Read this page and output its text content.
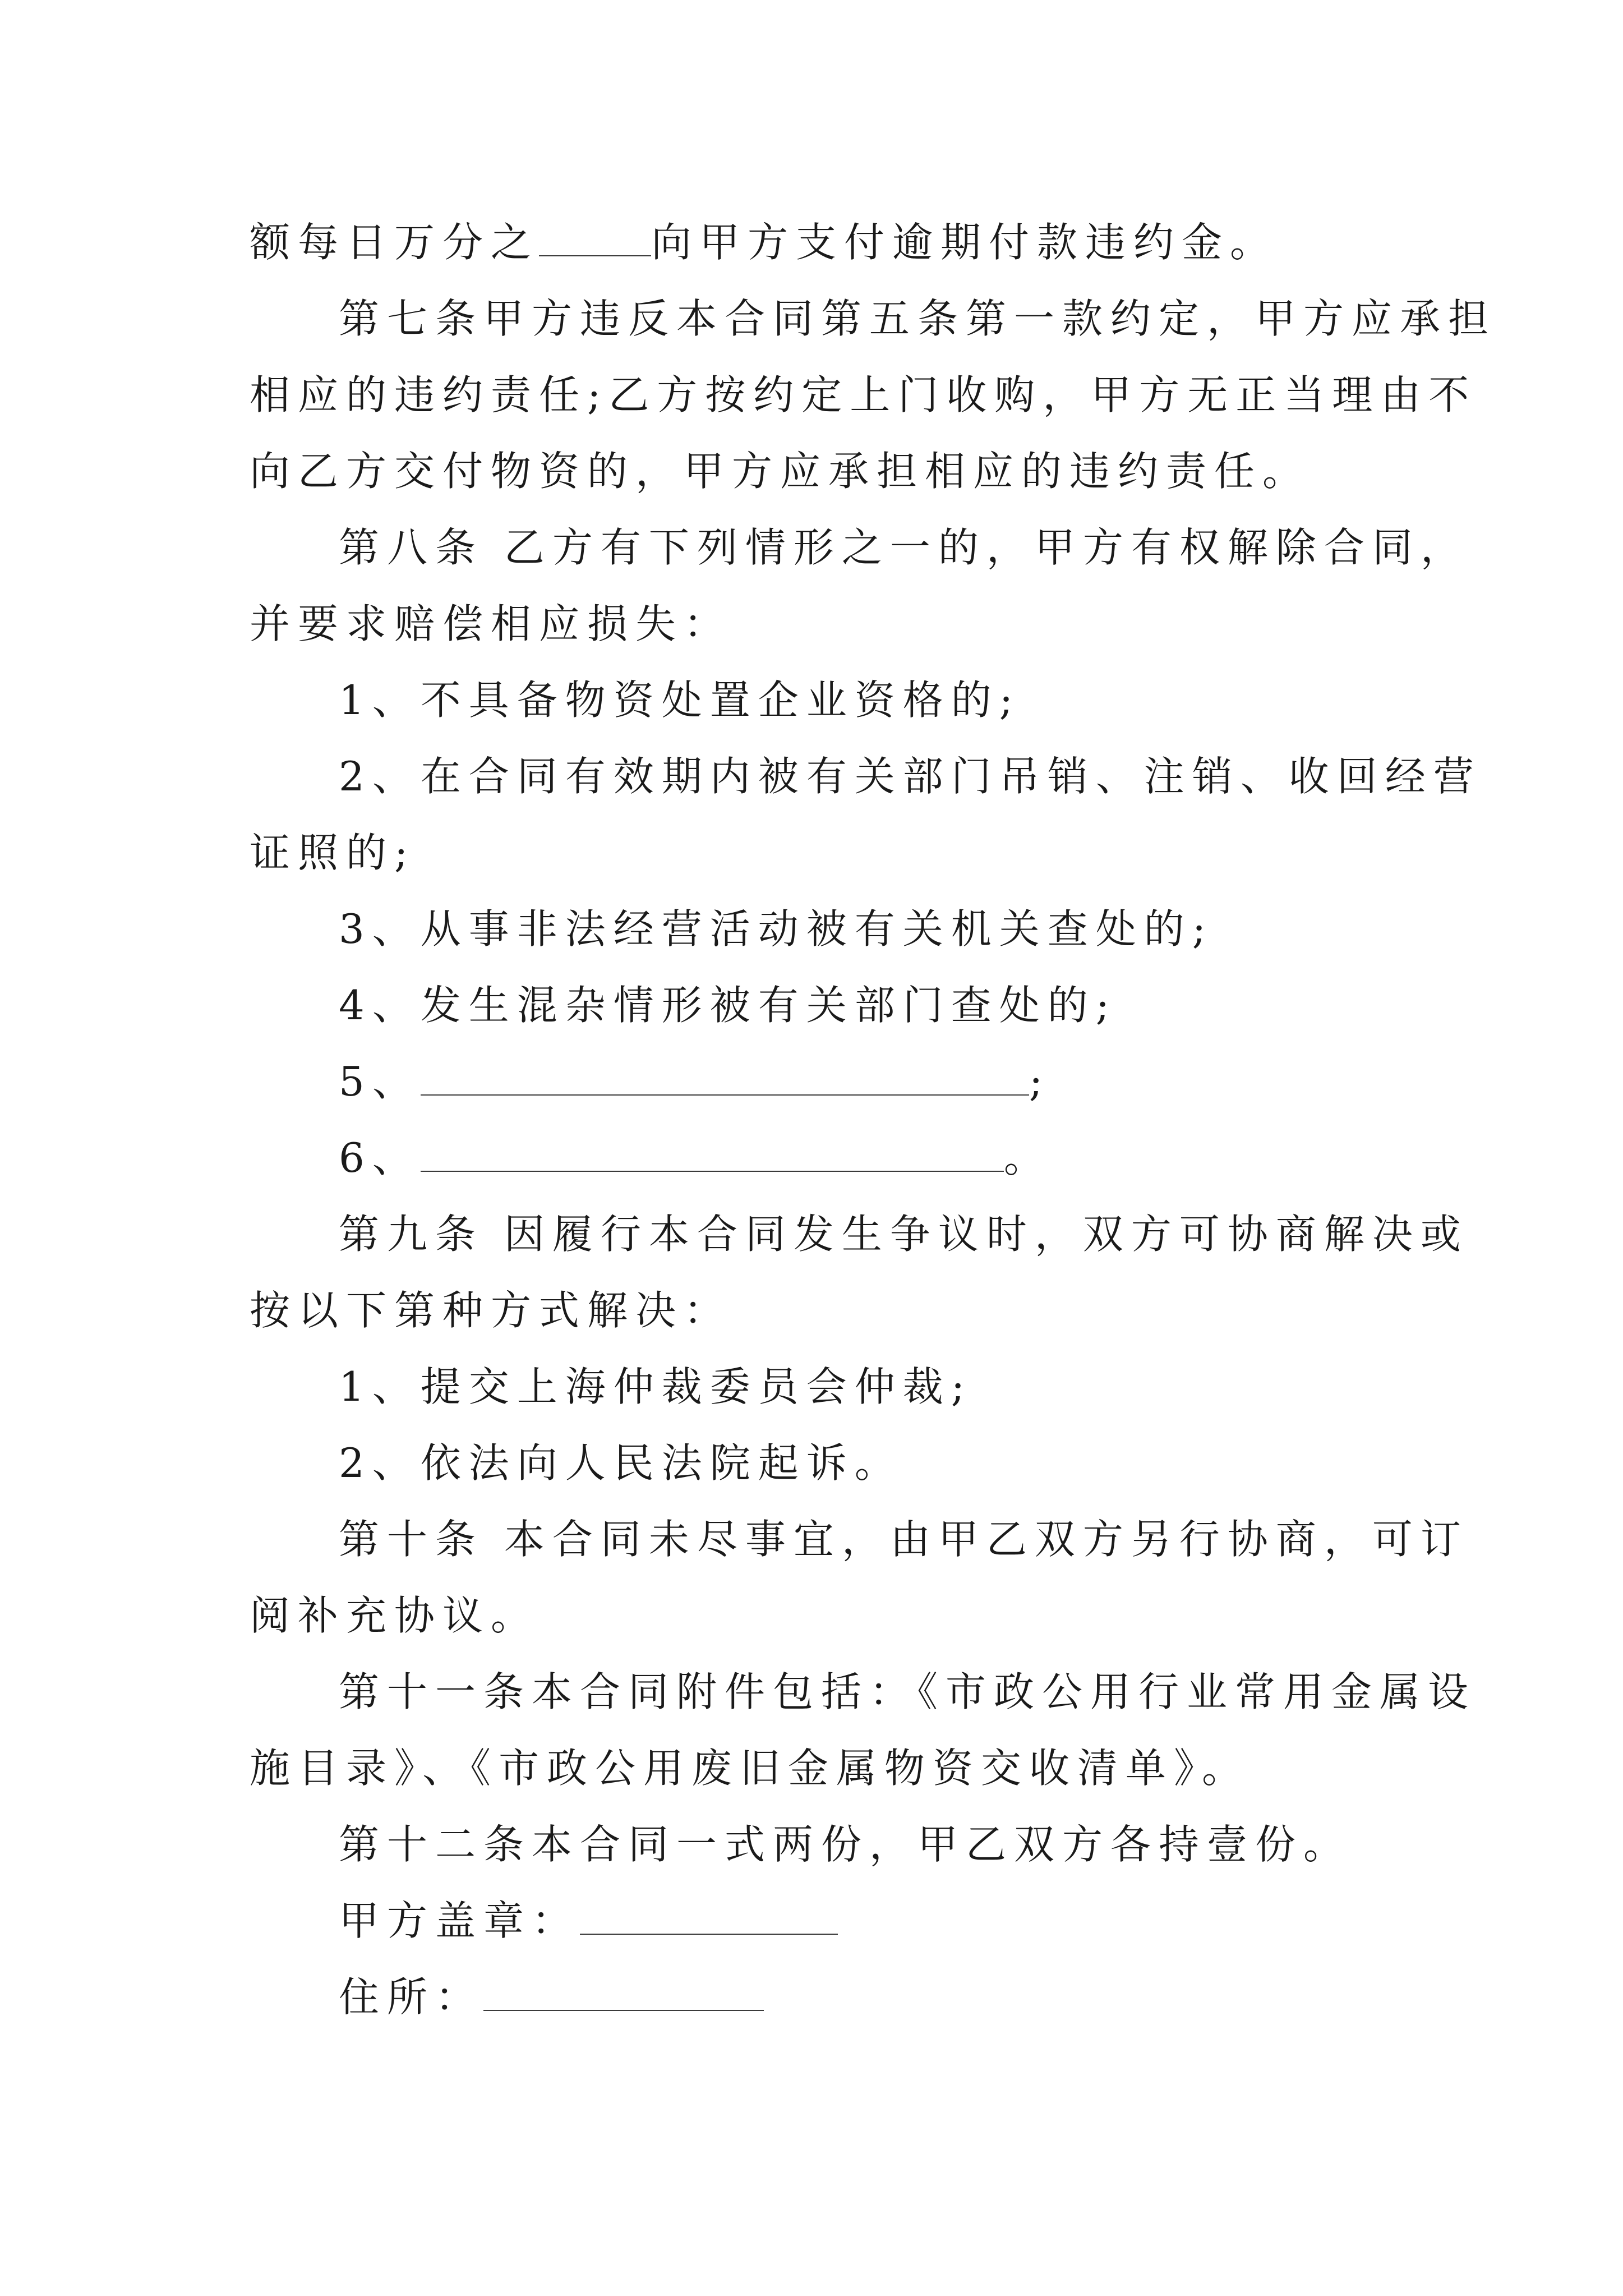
额每日万分之	向甲方支付逾期付款违约金。
第七条甲方违反本合同第五条第一款约定，甲方应承担
相应的违约责任;乙方按约定上门收购，甲方无正当理由不
向乙方交付物资的，甲方应承担相应的违约责任。
第八条 乙方有下列情形之一的，甲方有权解除合同，
并要求赔偿相应损失：
1、不具备物资处置企业资格的;
2、在合同有效期内被有关部门吊销、注销、收回经营
证照的;
3、从事非法经营活动被有关机关查处的;
4、发生混杂情形被有关部门查处的;
5、	;
6、	。
第九条 因履行本合同发生争议时，双方可协商解决或
按以下第种方式解决：
1、提交上海仲裁委员会仲裁;
2、依法向人民法院起诉。
第十条 本合同未尽事宜，由甲乙双方另行协商，可订
阅补充协议。
第十一条本合同附件包括：《市政公用行业常用金属设
施目录》、《市政公用废旧金属物资交收清单》。
第十二条本合同一式两份，甲乙双方各持壹份。
甲方盖章：
住所：
